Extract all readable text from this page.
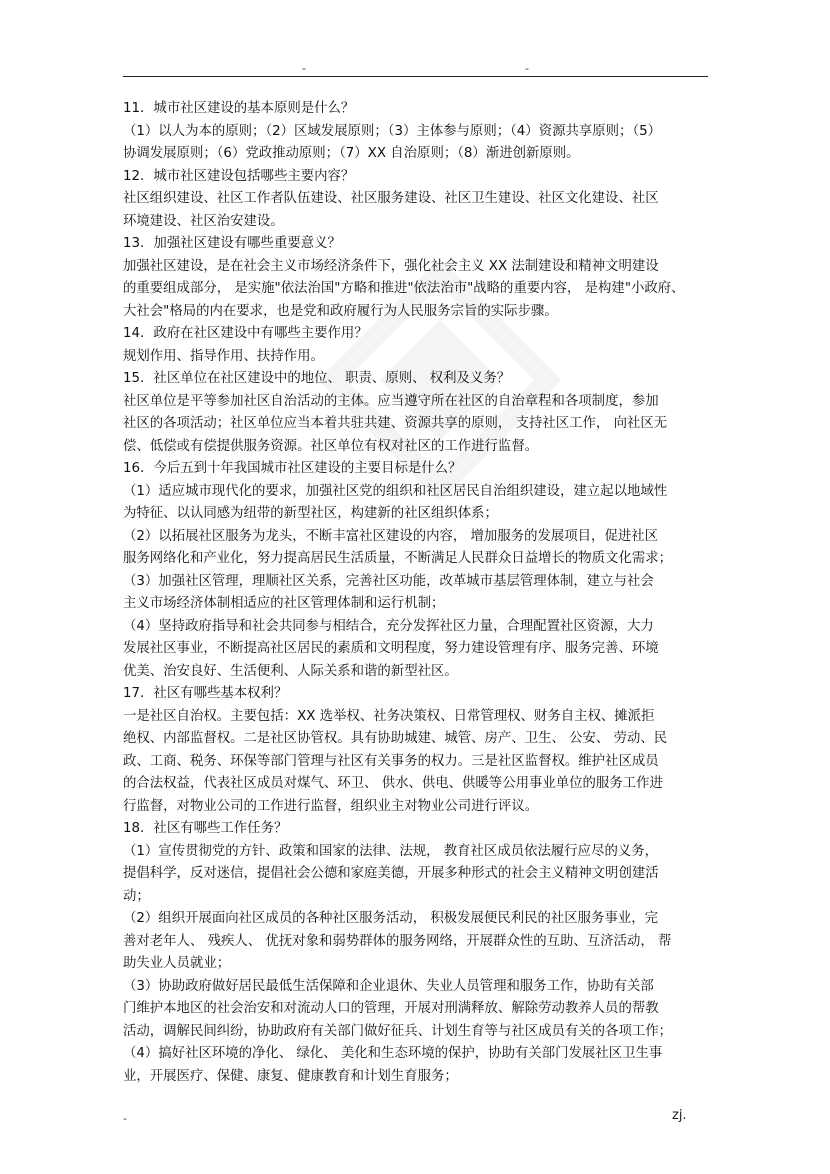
-	-
11．城市社区建设的基本原则是什么？
（1）以人为本的原则；（2）区域发展原则；（3）主体参与原则；（4）资源共享原则；（5）
协调发展原则；（6）党政推动原则；（7）XX 自治原则；（8）渐进创新原则。
12．城市社区建设包括哪些主要内容？
社区组织建设、社区工作者队伍建设、社区服务建设、社区卫生建设、社区文化建设、社区
环境建设、社区治安建设。
13．加强社区建设有哪些重要意义？
加强社区建设，是在社会主义市场经济条件下，强化社会主义 XX 法制建设和精神文明建设
的重要组成部分， 是实施"依法治国"方略和推进"依法治市"战略的重要内容， 是构建"小政府、
大社会"格局的内在要求，也是党和政府履行为人民服务宗旨的实际步骤。
14．政府在社区建设中有哪些主要作用？
规划作用、指导作用、扶持作用。
15．社区单位在社区建设中的地位、 职责、原则、 权利及义务？
社区单位是平等参加社区自治活动的主体。应当遵守所在社区的自治章程和各项制度，参加
社区的各项活动；社区单位应当本着共驻共建、资源共享的原则， 支持社区工作， 向社区无
偿、低偿或有偿提供服务资源。社区单位有权对社区的工作进行监督。
16．今后五到十年我国城市社区建设的主要目标是什么？
（1）适应城市现代化的要求，加强社区党的组织和社区居民自治组织建设，建立起以地域性
为特征、以认同感为纽带的新型社区，构建新的社区组织体系；
（2）以拓展社区服务为龙头，不断丰富社区建设的内容， 增加服务的发展项目，促进社区
服务网络化和产业化，努力提高居民生活质量，不断满足人民群众日益增长的物质文化需求；
（3）加强社区管理，理顺社区关系，完善社区功能，改革城市基层管理体制，建立与社会
主义市场经济体制相适应的社区管理体制和运行机制；
（4）坚持政府指导和社会共同参与相结合，充分发挥社区力量，合理配置社区资源，大力
发展社区事业，不断提高社区居民的素质和文明程度，努力建设管理有序、服务完善、环境
优美、治安良好、生活便利、人际关系和谐的新型社区。
17．社区有哪些基本权利？
一是社区自治权。主要包括：XX 选举权、社务决策权、日常管理权、财务自主权、摊派拒
绝权、内部监督权。二是社区协管权。具有协助城建、城管、房产、卫生、 公安、 劳动、民
政、工商、税务、环保等部门管理与社区有关事务的权力。三是社区监督权。维护社区成员
的合法权益，代表社区成员对煤气、环卫、 供水、供电、供暖等公用事业单位的服务工作进
行监督，对物业公司的工作进行监督，组织业主对物业公司进行评议。
18．社区有哪些工作任务？
（1）宣传贯彻党的方针、政策和国家的法律、法规， 教育社区成员依法履行应尽的义务，
提倡科学，反对迷信，提倡社会公德和家庭美德，开展多种形式的社会主义精神文明创建活
动；
（2）组织开展面向社区成员的各种社区服务活动， 积极发展便民利民的社区服务事业，完
善对老年人、 残疾人、 优抚对象和弱势群体的服务网络，开展群众性的互助、互济活动， 帮
助失业人员就业；
（3）协助政府做好居民最低生活保障和企业退休、失业人员管理和服务工作，协助有关部
门维护本地区的社会治安和对流动人口的管理，开展对刑满释放、解除劳动教养人员的帮教
活动，调解民间纠纷，协助政府有关部门做好征兵、计划生育等与社区成员有关的各项工作；
（4）搞好社区环境的净化、 绿化、 美化和生态环境的保护，协助有关部门发展社区卫生事
业，开展医疗、保健、康复、健康教育和计划生育服务；
-	zj.
